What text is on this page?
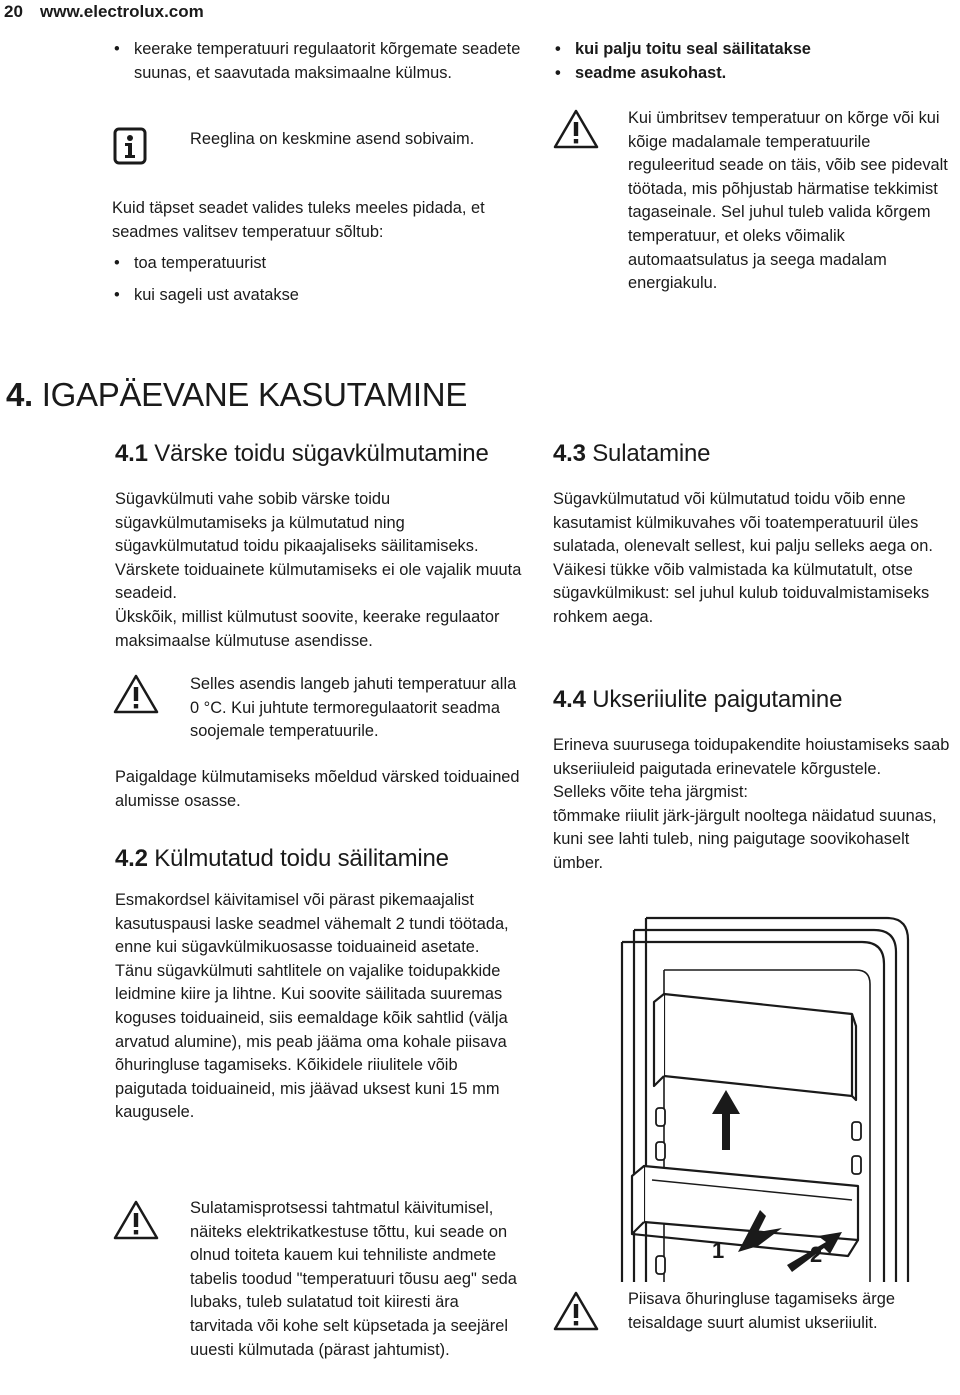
20 www.electrolux.com

• keerake temperatuuri regulaatorit kõrgemate seadete suunas, et saavutada maksimaalne külmus.

Reeglina on keskmine asend sobivaim.

Kuid täpset seadet valides tuleks meeles pidada, et seadmes valitsev temperatuur sõltub:

• toa temperatuurist

• kui sageli ust avatakse

• kui palju toitu seal säilitatakse

• seadme asukohast.

Kui ümbritsev temperatuur on kõrge või kui kõige madalamale temperatuurile reguleeritud seade on täis, võib see pidevalt töötada, mis põhjustab härmatise tekkimist tagaseinale. Sel juhul tuleb valida kõrgem temperatuur, et oleks võimalik automaatsulatus ja seega madalam energiakulu.
4. IGAPÄEVANE KASUTAMINE
4.1 Värske toidu sügavkülmutamine

Sügavkülmuti vahe sobib värske toidu sügavkülmutamiseks ja külmutatud ning sügavkülmutatud toidu pikaajaliseks säilitamiseks.

Värskete toiduainete külmutamiseks ei ole vajalik muuta seadeid.

Ükskõik, millist külmutust soovite, keerake regulaator maksimaalse külmutuse asendisse.

Selles asendis langeb jahuti temperatuur alla 0 °C. Kui juhtute termoregulaatorit seadma soojemale temperatuurile.
Paigaldage külmutamiseks mõeldud värsked toiduained alumisse osasse.
4.2 Külmutatud toidu säilitamine

Esmakordsel käivitamisel või pärast pikemaajalist kasutuspausi laske seadmel vähemalt 2 tundi töötada, enne kui sügavkülmikuosasse toiduaineid asetate.

Tänu sügavkülmuti sahtlitele on vajalike toidupakkide leidmine kiire ja lihtne. Kui soovite säilitada suuremas koguses toiduaineid, siis eemaldage kõik sahtlid (välja arvatud alumine), mis peab jääma oma kohale piisava õhuringluse tagamiseks. Kõikidele riiulitele võib paigutada toiduaineid, mis jäävad uksest kuni 15 mm kaugusele.

Sulatamisprotsessi tahtmatul käivitumisel, näiteks elektrikatkestuse tõttu, kui seade on olnud toiteta kauem kui tehniliste andmete tabelis toodud "temperatuuri tõusu aeg" seda lubaks, tuleb sulatatud toit kiiresti ära tarvitada või kohe selt küpsetada ja seejärel uuesti külmutada (pärast jahtumist).
4.3 Sulatamine

Sügavkülmutatud või külmutatud toidu võib enne kasutamist külmikuvahes või toatemperatuuril üles sulatada, olenevalt sellest, kui palju selleks aega on.

Väikesi tükke võib valmistada ka külmutatult, otse sügavkülmikust: sel juhul kulub toiduvalmistamiseks rohkem aega.

4.4 Ukseriiulite paigutamine

Erineva suurusega toidupakendite hoiustamiseks saab ukseriiuleid paigutada erinevatele kõrgustele.

Selleks võite teha järgmist:

tõmmake riiulit järk-järgult nooltega näidatud suunas, kuni see lahti tuleb, ning paigutage soovikohaselt ümber.

1	2
Piisava õhuringluse tagamiseks ärge teisaldage suurt alumist ukseriiulit.
